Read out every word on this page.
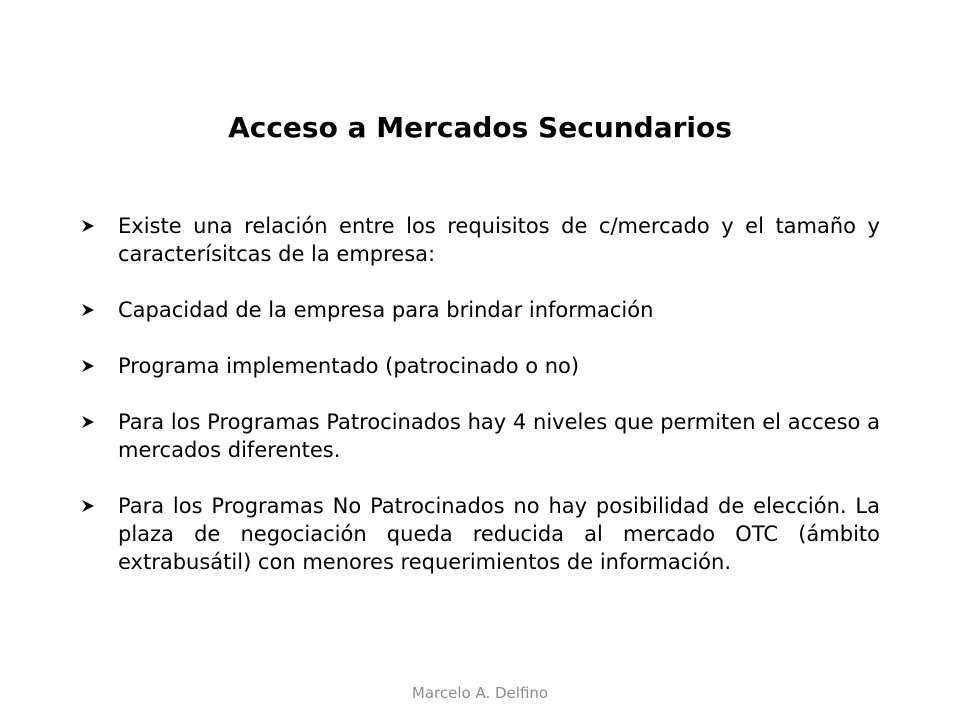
Acceso a Mercados Secundarios
Existe una relación entre los requisitos de c/mercado y el tamaño y caracterísitcas de la empresa:
Capacidad de la empresa para brindar información
Programa implementado (patrocinado o no)
Para los Programas Patrocinados hay 4 niveles que permiten el acceso a mercados diferentes.
Para los Programas No Patrocinados no hay posibilidad de elección. La plaza de negociación queda reducida al mercado OTC (ámbito extrabusátil) con menores requerimientos de información.
Marcelo A. Delfino
